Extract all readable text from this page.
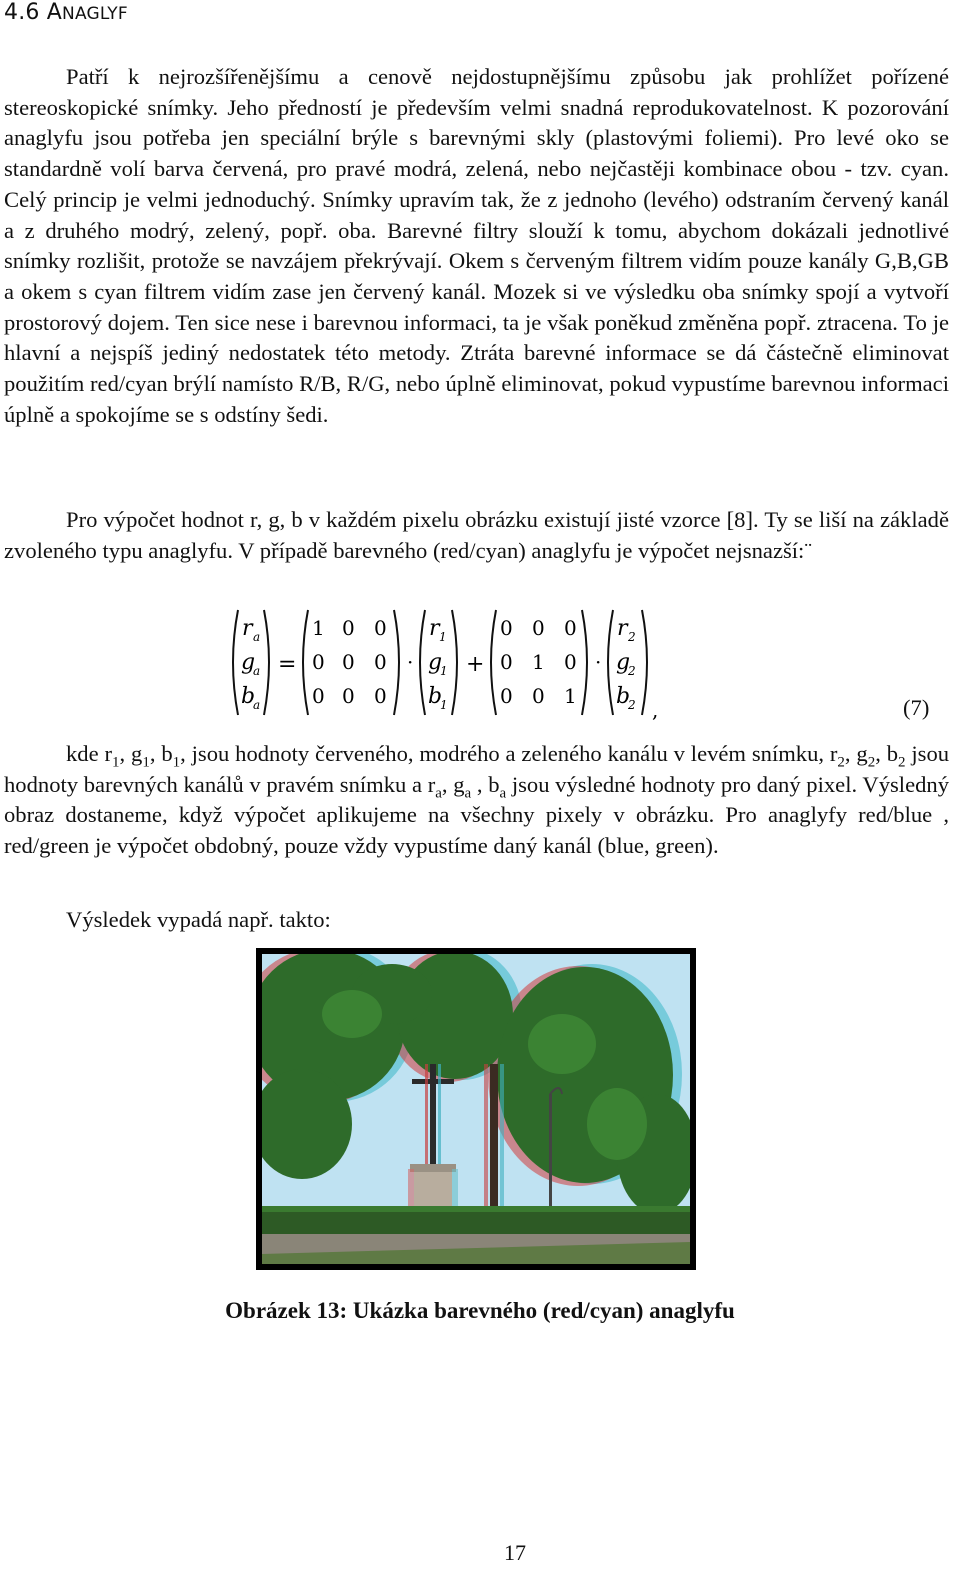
4.6 ANAGLYF

Patří k nejrozšířenějšímu a cenově nejdostupnějšímu způsobu jak prohlížet pořízené stereoskopické snímky. Jeho předností je především velmi snadná reprodukovatelnost. K pozorování anaglyfu jsou potřeba jen speciální brýle s barevnými skly (plastovými foliemi). Pro levé oko se standardně volí barva červená, pro pravé modrá, zelená, nebo nejčastěji kombinace obou - tzv. cyan. Celý princip je velmi jednoduchý. Snímky upravím tak, že z jednoho (levého) odstraním červený kanál a z druhého modrý, zelený, popř. oba. Barevné filtry slouží k tomu, abychom dokázali jednotlivé snímky rozlišit, protože se navzájem překrývají. Okem s červeným filtrem vidím pouze kanály G,B,GB a okem s cyan filtrem vidím zase jen červený kanál. Mozek si ve výsledku oba snímky spojí a vytvoří prostorový dojem. Ten sice nese i barevnou informaci, ta je však poněkud změněna popř. ztracena. To je hlavní a nejspíš jediný nedostatek této metody. Ztráta barevné informace se dá částečně eliminovat použitím red/cyan brýlí namísto R/B, R/G, nebo úplně eliminovat, pokud vypustíme barevnou informaci úplně a spokojíme se s odstíny šedi.

Pro výpočet hodnot r, g, b v každém pixelu obrázku existují jisté vzorce [8]. Ty se liší na základě zvoleného typu anaglyfu. V případě barevného (red/cyan) anaglyfu je výpočet nejsnazší:¨

r a
g
a
b
a
=
1 0 0
0 0 0
0 0 0
·
r 1
g
1
b
1
+
0 0 0
0 1 0
0 0 1
·
r 2
g
2
b
2 ,	(7)

kde $r_1$, $g_1$, $b_1$, jsou hodnoty červeného, modrého a zeleného kanálu v levém snímku, $r_2$, $g_2$, $b_2$ jsou hodnoty barevných kanálů v pravém snímku a $r_a$, $g_a$ , $b_a$ jsou výsledné hodnoty pro daný pixel. Výsledný obraz dostaneme, když výpočet aplikujeme na všechny pixely v obrázku. Pro anaglyfy red/blue , red/green je výpočet obdobný, pouze vždy vypustíme daný kanál (blue, green).

Výsledek vypadá např. takto:

Obrázek 13: Ukázka barevného (red/cyan) anaglyfu
17
